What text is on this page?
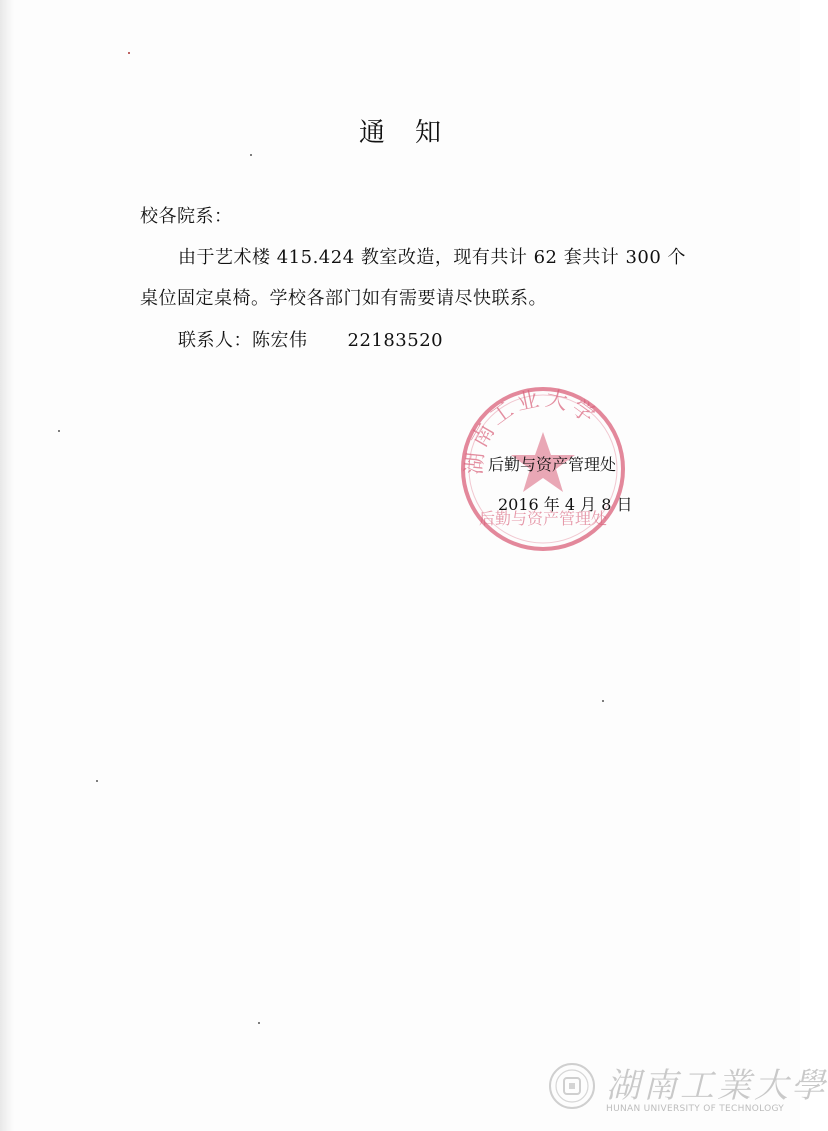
通知
校各院系：
由于艺术楼 415.424 教室改造，现有共计 62 套共计 300 个
桌位固定桌椅。学校各部门如有需要请尽快联系。
联系人：陈宏伟 22183520
湖南工业大学
后勤与资产管理处
后勤与资产管理处
2016 年 4 月 8 日
湖南工業大學
HUNAN UNIVERSITY OF TECHNOLOGY
